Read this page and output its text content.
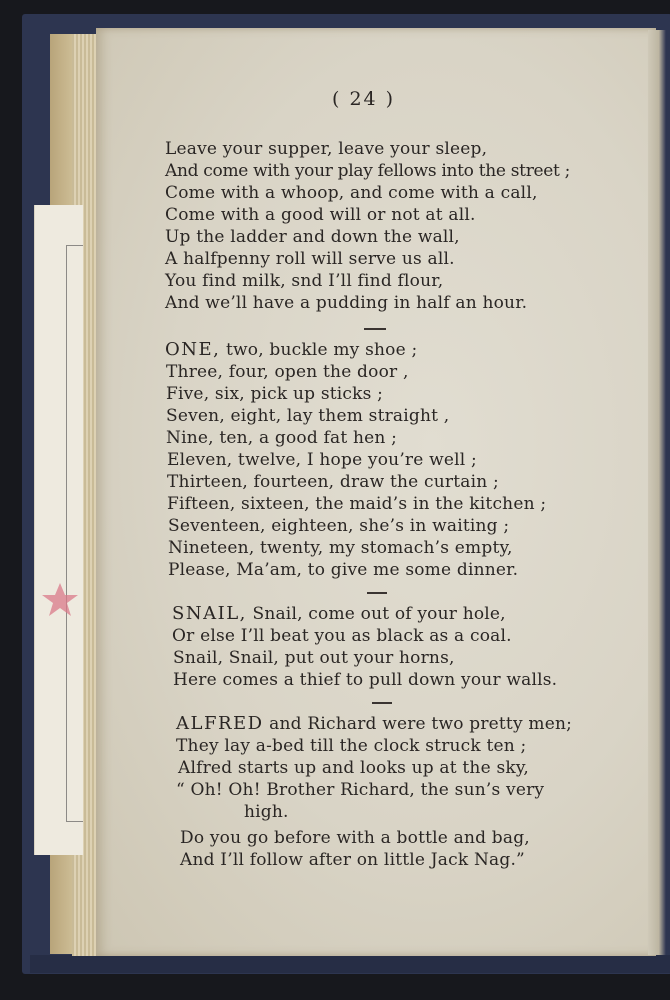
( 24 )
Leave your supper, leave your sleep,
And come with your play fellows into the street ;
Come with a whoop, and come with a call,
Come with a good will or not at all.
Up the ladder and down the wall,
A halfpenny roll will serve us all.
You find milk, snd I’ll find flour,
And we’ll have a pudding in half an hour.
ONE, two, buckle my shoe ;
Three, four, open the door ,
Five, six, pick up sticks ;
Seven, eight, lay them straight ,
Nine, ten, a good fat hen ;
Eleven, twelve, I hope you’re well ;
Thirteen, fourteen, draw the curtain ;
Fifteen, sixteen, the maid’s in the kitchen ;
Seventeen, eighteen, she’s in waiting ;
Nineteen, twenty, my stomach’s empty,
Please, Ma’am, to give me some dinner.
SNAIL, Snail, come out of your hole,
Or else I’ll beat you as black as a coal.
Snail, Snail, put out your horns,
Here comes a thief to pull down your walls.
ALFRED and Richard were two pretty men;
They lay a-bed till the clock struck ten ;
Alfred starts up and looks up at the sky,
“ Oh! Oh! Brother Richard, the sun’s very
high.
Do you go before with a bottle and bag,
And I’ll follow after on little Jack Nag.”
